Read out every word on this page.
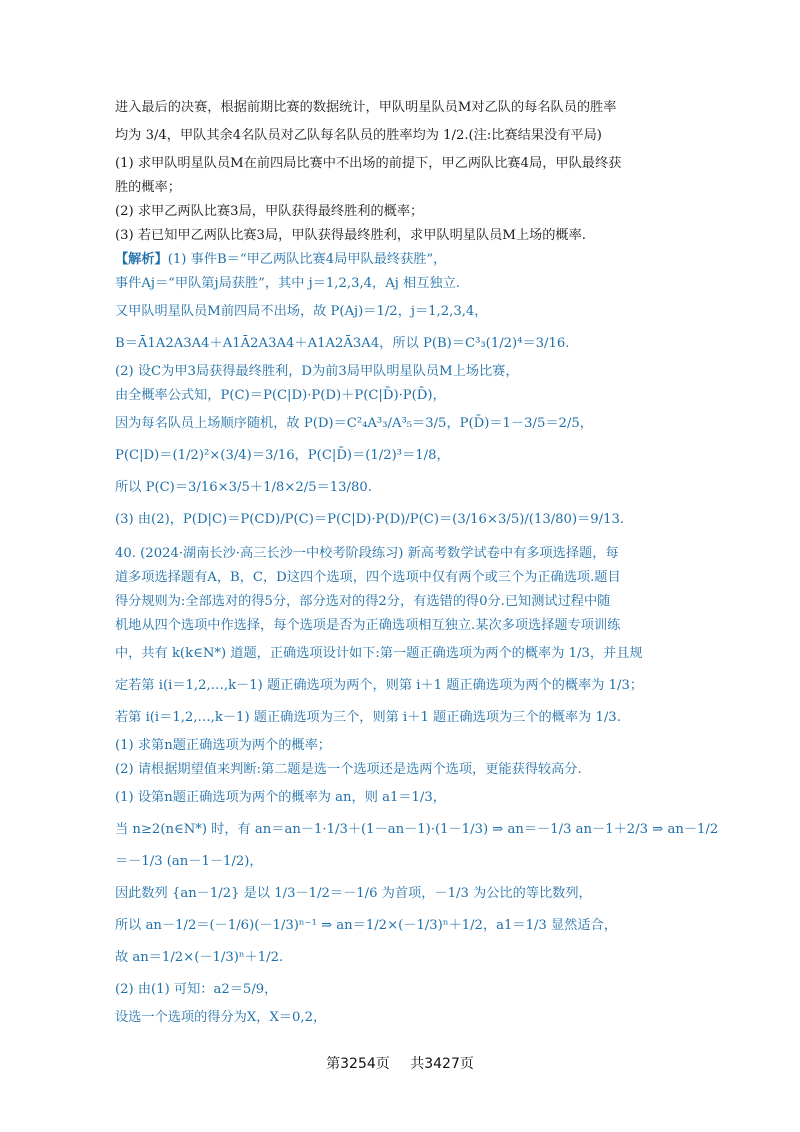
进入最后的决赛，根据前期比赛的数据统计，甲队明星队员M对乙队的每名队员的胜率
均为 3/4，甲队其余4名队员对乙队每名队员的胜率均为 1/2.(注:比赛结果没有平局)
(1) 求甲队明星队员M在前四局比赛中不出场的前提下，甲乙两队比赛4局，甲队最终获
胜的概率；
(2) 求甲乙两队比赛3局，甲队获得最终胜利的概率；
(3) 若已知甲乙两队比赛3局，甲队获得最终胜利，求甲队明星队员M上场的概率.
【解析】(1) 事件B＝“甲乙两队比赛4局甲队最终获胜”，
事件Aj＝“甲队第j局获胜”，其中 j＝1,2,3,4，Aj 相互独立.
又甲队明星队员M前四局不出场，故 P(Aj)＝1/2，j＝1,2,3,4，
B＝Ā1A2A3A4＋A1Ā2A3A4＋A1A2Ā3A4，所以 P(B)＝C³₃(1/2)⁴＝3/16.
(2) 设C为甲3局获得最终胜利，D为前3局甲队明星队员M上场比赛，
由全概率公式知，P(C)＝P(C|D)·P(D)＋P(C|D̄)·P(D̄)，
因为每名队员上场顺序随机，故 P(D)＝C²₄A³₃/A³₅＝3/5，P(D̄)＝1－3/5＝2/5，
P(C|D)＝(1/2)²×(3/4)＝3/16，P(C|D̄)＝(1/2)³＝1/8，
所以 P(C)＝3/16×3/5＋1/8×2/5＝13/80.
(3) 由(2)，P(D|C)＝P(CD)/P(C)＝P(C|D)·P(D)/P(C)＝(3/16×3/5)/(13/80)＝9/13.
40. (2024·湖南长沙·高三长沙一中校考阶段练习) 新高考数学试卷中有多项选择题，每
道多项选择题有A，B，C，D这四个选项，四个选项中仅有两个或三个为正确选项.题目
得分规则为:全部选对的得5分，部分选对的得2分，有选错的得0分.已知测试过程中随
机地从四个选项中作选择，每个选项是否为正确选项相互独立.某次多项选择题专项训练
中，共有 k(k∈N*) 道题，正确选项设计如下:第一题正确选项为两个的概率为 1/3，并且规
定若第 i(i＝1,2,…,k－1) 题正确选项为两个，则第 i＋1 题正确选项为两个的概率为 1/3；
若第 i(i＝1,2,…,k－1) 题正确选项为三个，则第 i＋1 题正确选项为三个的概率为 1/3.
(1) 求第n题正确选项为两个的概率；
(2) 请根据期望值来判断:第二题是选一个选项还是选两个选项，更能获得较高分.
(1) 设第n题正确选项为两个的概率为 an，则 a1＝1/3，
当 n≥2(n∈N*) 时，有 an＝an－1·1/3＋(1－an－1)·(1－1/3) ⇒ an＝－1/3 an－1＋2/3 ⇒ an－1/2
＝－1/3 (an－1－1/2)，
因此数列 {an－1/2} 是以 1/3－1/2＝－1/6 为首项，－1/3 为公比的等比数列，
所以 an－1/2＝(－1/6)(－1/3)ⁿ⁻¹ ⇒ an＝1/2×(－1/3)ⁿ＋1/2，a1＝1/3 显然适合，
故 an＝1/2×(－1/3)ⁿ＋1/2.
(2) 由(1) 可知：a2＝5/9，
设选一个选项的得分为X，X＝0,2，
第3254页 共3427页
